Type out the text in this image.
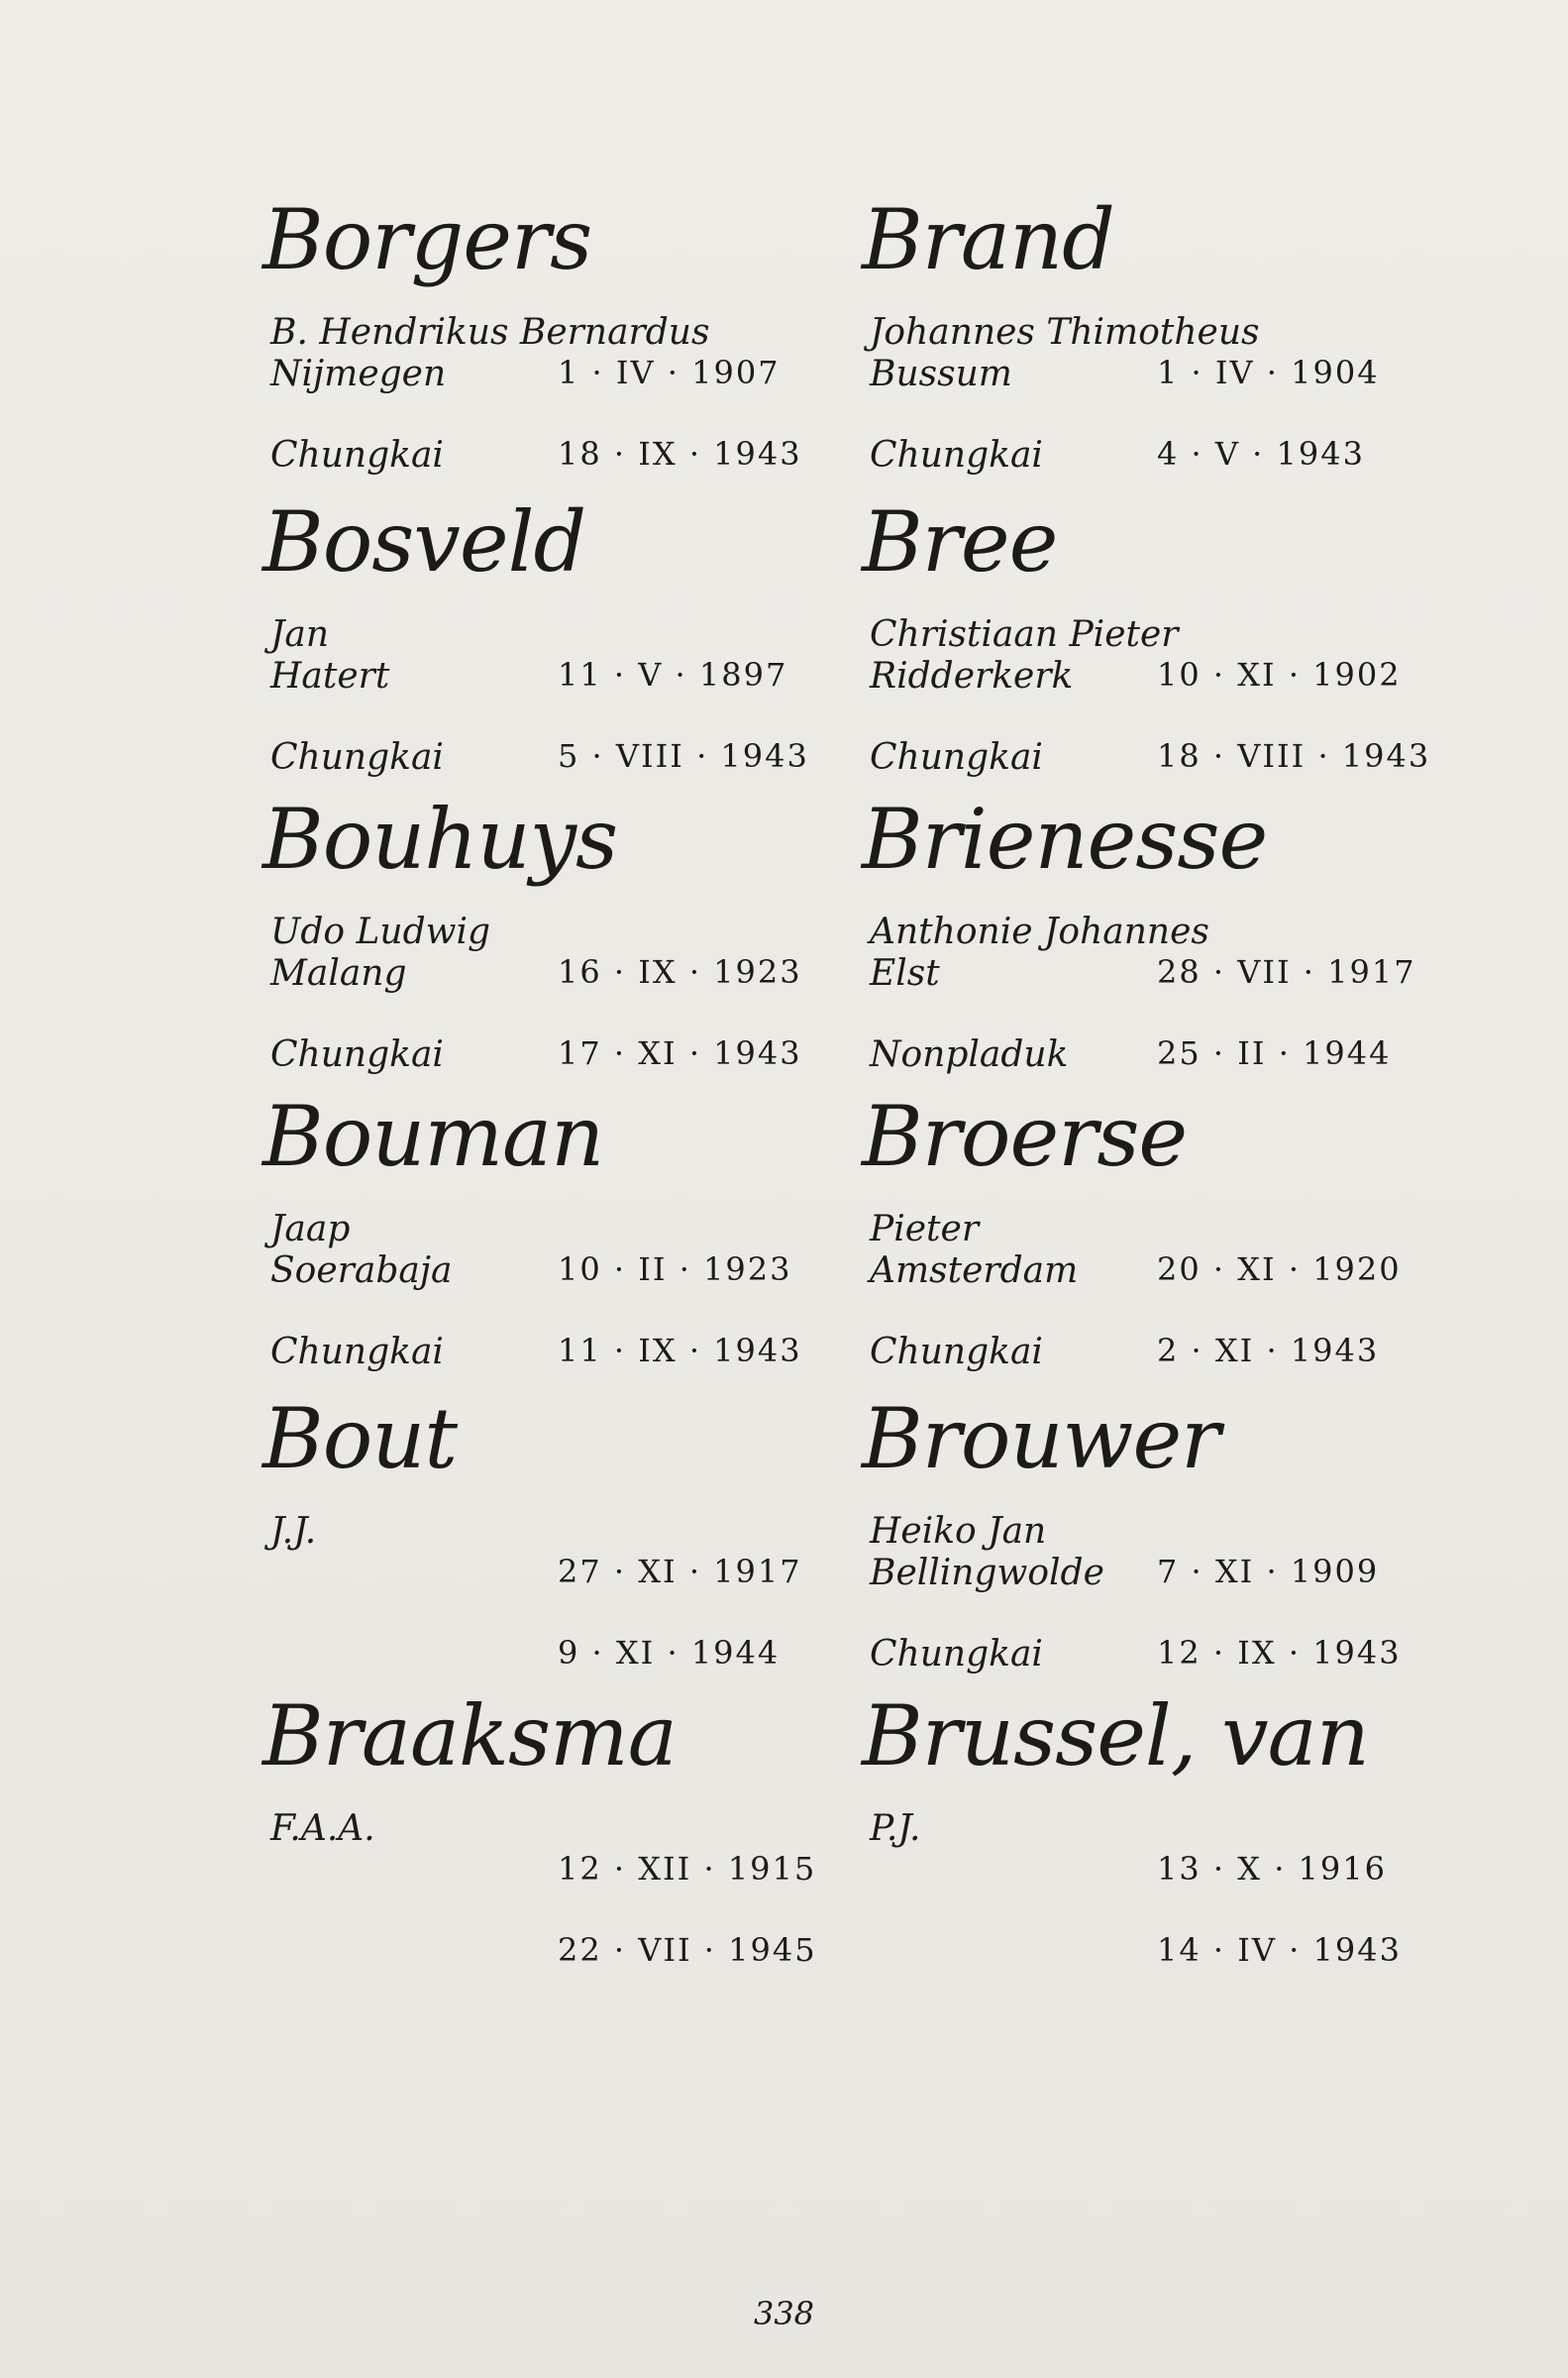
Borgers
B. Hendrikus Bernardus
Nijmegen	1 · IV · 1907
Chungkai	18 · IX · 1943
Bosveld
Jan
Hatert	11 · V · 1897
Chungkai	5 · VIII · 1943
Bouhuys
Udo Ludwig
Malang	16 · IX · 1923
Chungkai	17 · XI · 1943
Bouman
Jaap
Soerabaja	10 · II · 1923
Chungkai	11 · IX · 1943
Bout
J.J.
27 · XI · 1917
9 · XI · 1944
Braaksma
F.A.A.
12 · XII · 1915
22 · VII · 1945
Brand
Johannes Thimotheus
Bussum	1 · IV · 1904
Chungkai	4 · V · 1943
Bree
Christiaan Pieter
Ridderkerk	10 · XI · 1902
Chungkai	18 · VIII · 1943
Brienesse
Anthonie Johannes
Elst	28 · VII · 1917
Nonpladuk	25 · II · 1944
Broerse
Pieter
Amsterdam 20 · XI · 1920
Chungkai	2 · XI · 1943
Brouwer
Heiko Jan
Bellingwolde 7 · XI · 1909
Chungkai	12 · IX · 1943
Brussel, van
P.J.
13 · X · 1916
14 · IV · 1943
338
